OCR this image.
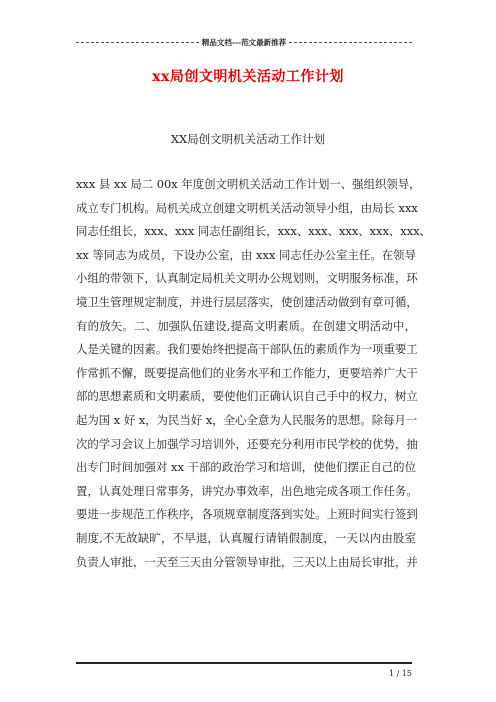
精品文档---范文最新推荐
xx局创文明机关活动工作计划
XX局创文明机关活动工作计划
xxx 县 xx 局二 00x 年度创文明机关活动工作计划一、强组织领导，
成立专门机构。局机关成立创建文明机关活动领导小组，由局长 xxx
同志任组长，xxx、xxx 同志任副组长，xxx、xxx、xxx、xxx、xxx、
xx 等同志为成员，下设办公室，由 xxx 同志任办公室主任。在领导
小组的带领下，认真制定局机关文明办公规划则，文明服务标准，环
境卫生管理规定制度，并进行层层落实，使创建活动做到有章可循，
有的放矢。二、加强队伍建设,提高文明素质。在创建文明活动中，
人是关键的因素。我们要始终把提高干部队伍的素质作为一项重要工
作常抓不懈，既要提高他们的业务水平和工作能力，更要培养广大干
部的思想素质和文明素质，要使他们正确认识自己手中的权力，树立
起为国 x 好 x，为民当好 x，全心全意为人民服务的思想。除每月一
次的学习会议上加强学习培训外，还要充分利用市民学校的优势，抽
出专门时间加强对 xx 干部的政治学习和培训，使他们摆正自己的位
置，认真处理日常事务，讲究办事效率，出色地完成各项工作任务。
要进一步规范工作秩序，各项规章制度落到实处。上班时间实行签到
制度,不无故缺旷，不早退，认真履行请销假制度，一天以内由股室
负责人审批，一天至三天由分管领导审批，三天以上由局长审批，并
1 / 15
